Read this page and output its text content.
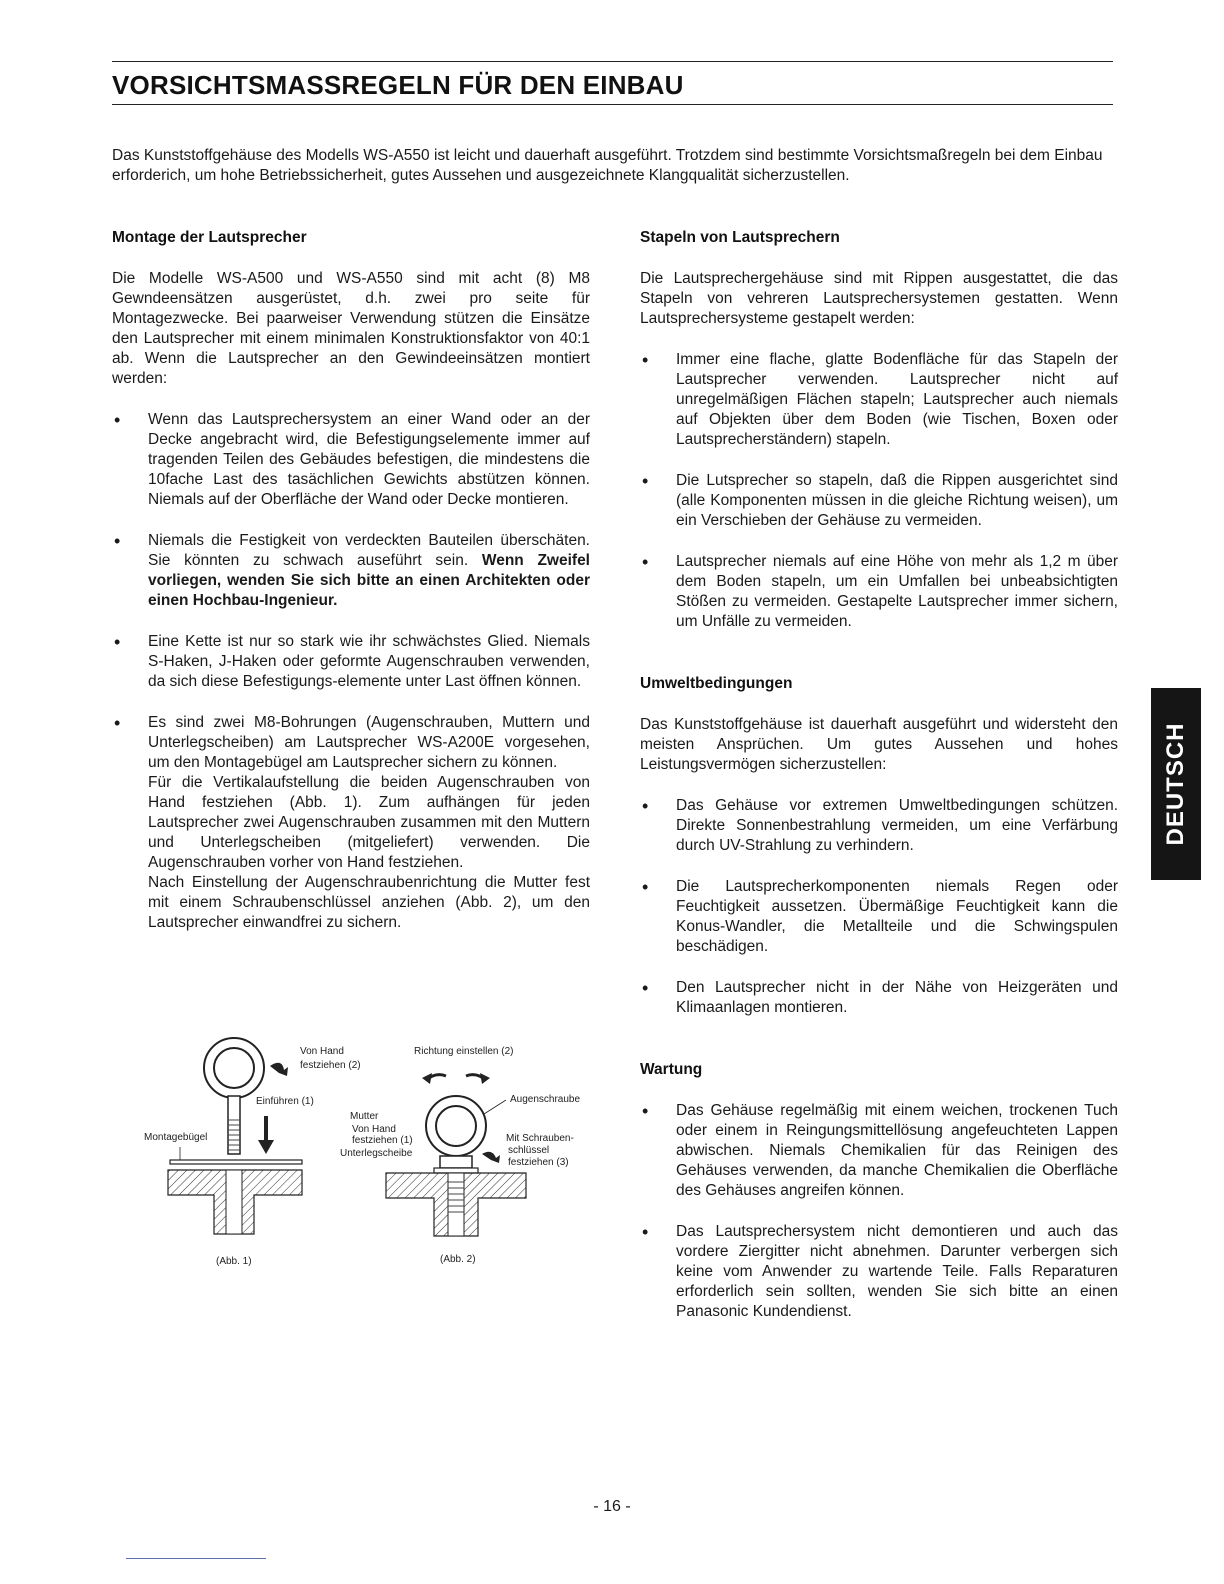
VORSICHTSMASSREGELN FÜR DEN EINBAU

Das Kunststoffgehäuse des Modells WS-A550 ist leicht und dauerhaft ausgeführt. Trotzdem sind bestimmte Vorsichtsmaßregeln bei dem Einbau erforderich, um hohe Betriebssicherheit, gutes Aussehen und ausgezeichnete Klangqualität sicherzustellen.

Montage der Lautsprecher

Die Modelle WS-A500 und WS-A550 sind mit acht (8) M8 Gewndeensätzen ausgerüstet, d.h. zwei pro seite für Montagezwecke. Bei paarweiser Verwendung stützen die Einsätze den Lautsprecher mit einem minimalen Konstruktionsfaktor von 40:1 ab. Wenn die Lautsprecher an den Gewindeeinsätzen montiert werden:

• Wenn das Lautsprechersystem an einer Wand oder an der Decke angebracht wird, die Befestigungselemente immer auf tragenden Teilen des Gebäudes befestigen, die mindestens die 10fache Last des tasächlichen Gewichts abstützen können. Niemals auf der Oberfläche der Wand oder Decke montieren.
• Niemals die Festigkeit von verdeckten Bauteilen überschäten. Sie könnten zu schwach auseführt sein. Wenn Zweifel vorliegen, wenden Sie sich bitte an einen Architekten oder einen Hochbau-Ingenieur.
• Eine Kette ist nur so stark wie ihr schwächstes Glied. Niemals S-Haken, J-Haken oder geformte Augenschrauben verwenden, da sich diese Befestigungs-elemente unter Last öffnen können.
• Es sind zwei M8-Bohrungen (Augenschrauben, Muttern und Unterlegscheiben) am Lautsprecher WS-A200E vorgesehen, um den Montagebügel am Lautsprecher sichern zu können.
Für die Vertikalaufstellung die beiden Augenschrauben von Hand festziehen (Abb. 1). Zum aufhängen für jeden Lautsprecher zwei Augenschrauben zusammen mit den Muttern und Unterlegscheiben (mitgeliefert) verwenden. Die Augenschrauben vorher von Hand festziehen.
Nach Einstellung der Augenschraubenrichtung die Mutter fest mit einem Schraubenschlüssel anziehen (Abb. 2), um den Lautsprecher einwandfrei zu sichern.
Stapeln von Lautsprechern

Die Lautsprechergehäuse sind mit Rippen ausgestattet, die das Stapeln von vehreren Lautsprechersystemen gestatten. Wenn Lautsprechersysteme gestapelt werden:

• Immer eine flache, glatte Bodenfläche für das Stapeln der Lautsprecher verwenden. Lautsprecher nicht auf unregelmäßigen Flächen stapeln; Lautsprecher auch niemals auf Objekten über dem Boden (wie Tischen, Boxen oder Lautsprecherständern) stapeln.
• Die Lutsprecher so stapeln, daß die Rippen ausgerichtet sind (alle Komponenten müssen in die gleiche Richtung weisen), um ein Verschieben der Gehäuse zu vermeiden.
• Lautsprecher niemals auf eine Höhe von mehr als 1,2 m über dem Boden stapeln, um ein Umfallen bei unbeabsichtigten Stößen zu vermeiden. Gestapelte Lautsprecher immer sichern, um Unfälle zu vermeiden.
Umweltbedingungen

Das Kunststoffgehäuse ist dauerhaft ausgeführt und widersteht den meisten Ansprüchen. Um gutes Aussehen und hohes Leistungsvermögen sicherzustellen:

• Das Gehäuse vor extremen Umweltbedingungen schützen. Direkte Sonnenbestrahlung vermeiden, um eine Verfärbung durch UV-Strahlung zu verhindern.
• Die Lautsprecherkomponenten niemals Regen oder Feuchtigkeit aussetzen. Übermäßige Feuchtigkeit kann die Konus-Wandler, die Metallteile und die Schwingspulen beschädigen.
• Den Lautsprecher nicht in der Nähe von Heizgeräten und Klimaanlagen montieren.
Wartung
• Das Gehäuse regelmäßig mit einem weichen, trockenen Tuch oder einem in Reingungsmittellösung angefeuchteten Lappen abwischen. Niemals Chemikalien für das Reinigen des Gehäuses verwenden, da manche Chemikalien die Oberfläche des Gehäuses angreifen können.
• Das Lautsprechersystem nicht demontieren und auch das vordere Ziergitter nicht abnehmen. Darunter verbergen sich keine vom Anwender zu wartende Teile. Falls Reparaturen erforderlich sein sollten, wenden Sie sich bitte an einen Panasonic Kundendienst.
DEUTSCH
Von Hand
festziehen (2)
Einführen (1)
Montagebügel
(Abb. 1)
Richtung einstellen (2)
Augenschraube
Mutter
Von Hand
festziehen (1)
Unterlegscheibe
Mit Schrauben-
schlüssel
festziehen (3)
(Abb. 2)

- 16 -
